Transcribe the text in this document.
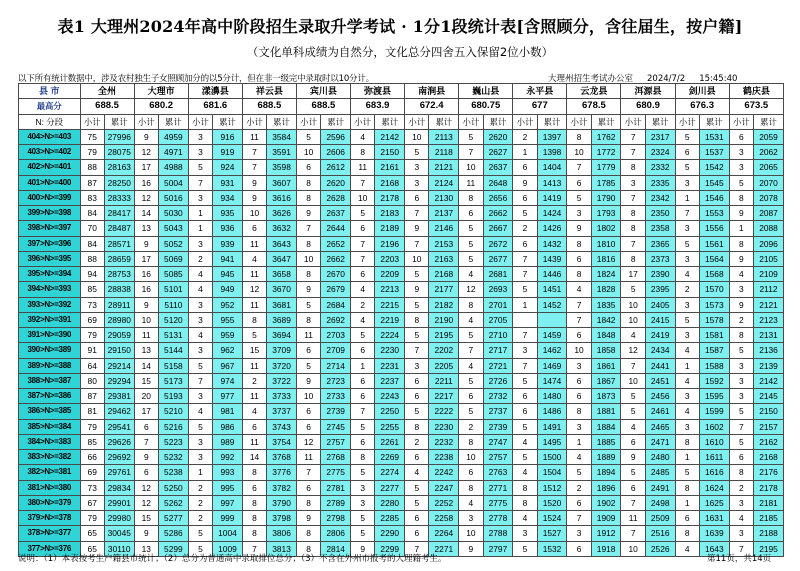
表1 大理州2024年高中阶段招生录取升学考试 · 1分1段统计表[含照顾分，含往届生，按户籍]
（文化单科成绩为自然分，文化总分四舍五入保留2位小数）
以下所有统计数据中，涉及农村独生子女照顾加分的以5分计，但在非一级完中录取时以10分计。	大理州招生考试办公室 2024/7/2 15:45:40
县 市	全州		大理市		漾濞县		祥云县		宾川县		弥渡县		南涧县		巍山县		永平县		云龙县		洱源县		剑川县		鹤庆县	
最高分	688.5		680.2		681.6		688.5		688.5		683.9		672.4		680.75		677		678.5		680.9		676.3		673.5	
N: 分段	小计	累计	小计	累计	小计	累计	小计	累计	小计	累计	小计	累计	小计	累计	小计	累计	小计	累计	小计	累计	小计	累计	小计	累计	小计	累计
404>N>=403	75	27996	9	4959	3	916	11	3584	5	2596	4	2142	10	2113	5	2620	2	1397	8	1762	7	2317	5	1531	6	2059
403>N>=402	79	28075	12	4971	3	919	7	3591	10	2606	8	2150	5	2118	7	2627	1	1398	10	1772	7	2324	6	1537	3	2062
402>N>=401	88	28163	17	4988	5	924	7	3598	6	2612	11	2161	3	2121	10	2637	6	1404	7	1779	8	2332	5	1542	3	2065
401>N>=400	87	28250	16	5004	7	931	9	3607	8	2620	7	2168	3	2124	11	2648	9	1413	6	1785	3	2335	3	1545	5	2070
400>N>=399	83	28333	12	5016	3	934	9	3616	8	2628	10	2178	6	2130	8	2656	6	1419	5	1790	7	2342	1	1546	8	2078
399>N>=398	84	28417	14	5030	1	935	10	3626	9	2637	5	2183	7	2137	6	2662	5	1424	3	1793	8	2350	7	1553	9	2087
398>N>=397	70	28487	13	5043	1	936	6	3632	7	2644	6	2189	9	2146	5	2667	2	1426	9	1802	8	2358	3	1556	1	2088
397>N>=396	84	28571	9	5052	3	939	11	3643	8	2652	7	2196	7	2153	5	2672	6	1432	8	1810	7	2365	5	1561	8	2096
396>N>=395	88	28659	17	5069	2	941	4	3647	10	2662	7	2203	10	2163	5	2677	7	1439	6	1816	8	2373	3	1564	9	2105
395>N>=394	94	28753	16	5085	4	945	11	3658	8	2670	6	2209	5	2168	4	2681	7	1446	8	1824	17	2390	4	1568	4	2109
394>N>=393	85	28838	16	5101	4	949	12	3670	9	2679	4	2213	9	2177	12	2693	5	1451	4	1828	5	2395	2	1570	3	2112
393>N>=392	73	28911	9	5110	3	952	11	3681	5	2684	2	2215	5	2182	8	2701	1	1452	7	1835	10	2405	3	1573	9	2121
392>N>=391	69	28980	10	5120	3	955	8	3689	8	2692	4	2219	8	2190	4	2705			7	1842	10	2415	5	1578	2	2123
391>N>=390	79	29059	11	5131	4	959	5	3694	11	2703	5	2224	5	2195	5	2710	7	1459	6	1848	4	2419	3	1581	8	2131
390>N>=389	91	29150	13	5144	3	962	15	3709	6	2709	6	2230	7	2202	7	2717	3	1462	10	1858	12	2434	4	1587	5	2136
389>N>=388	64	29214	14	5158	5	967	11	3720	5	2714	1	2231	3	2205	4	2721	7	1469	3	1861	7	2441	1	1588	3	2139
388>N>=387	80	29294	15	5173	7	974	2	3722	9	2723	6	2237	6	2211	5	2726	5	1474	6	1867	10	2451	4	1592	3	2142
387>N>=386	87	29381	20	5193	3	977	11	3733	10	2733	6	2243	6	2217	6	2732	6	1480	6	1873	5	2456	3	1595	3	2145
386>N>=385	81	29462	17	5210	4	981	4	3737	6	2739	7	2250	5	2222	5	2737	6	1486	8	1881	5	2461	4	1599	5	2150
385>N>=384	79	29541	6	5216	5	986	6	3743	6	2745	5	2255	8	2230	2	2739	5	1491	3	1884	4	2465	3	1602	7	2157
384>N>=383	85	29626	7	5223	3	989	11	3754	12	2757	6	2261	2	2232	8	2747	4	1495	1	1885	6	2471	8	1610	5	2162
383>N>=382	66	29692	9	5232	3	992	14	3768	11	2768	8	2269	6	2238	10	2757	5	1500	4	1889	9	2480	1	1611	6	2168
382>N>=381	69	29761	6	5238	1	993	8	3776	7	2775	5	2274	4	2242	6	2763	4	1504	5	1894	5	2485	5	1616	8	2176
381>N>=380	73	29834	12	5250	2	995	6	3782	6	2781	3	2277	5	2247	8	2771	8	1512	2	1896	6	2491	8	1624	2	2178
380>N>=379	67	29901	12	5262	2	997	8	3790	8	2789	3	2280	5	2252	4	2775	8	1520	6	1902	7	2498	1	1625	3	2181
379>N>=378	79	29980	15	5277	2	999	8	3798	9	2798	5	2285	6	2258	3	2778	4	1524	7	1909	11	2509	6	1631	4	2185
378>N>=377	65	30045	9	5286	5	1004	8	3806	8	2806	5	2290	6	2264	10	2788	3	1527	3	1912	7	2516	8	1639	3	2188
377>N>=376	65	30110	13	5299	5	1009	7	3813	8	2814	9	2299	7	2271	9	2797	5	1532	6	1918	10	2526	4	1643	7	2195
说明：（1）本表按考生户籍县市统计；（2）总分为普通高中录取排位总分；（3）不含在外州市报考的大理籍考生。	第11页，共14页
